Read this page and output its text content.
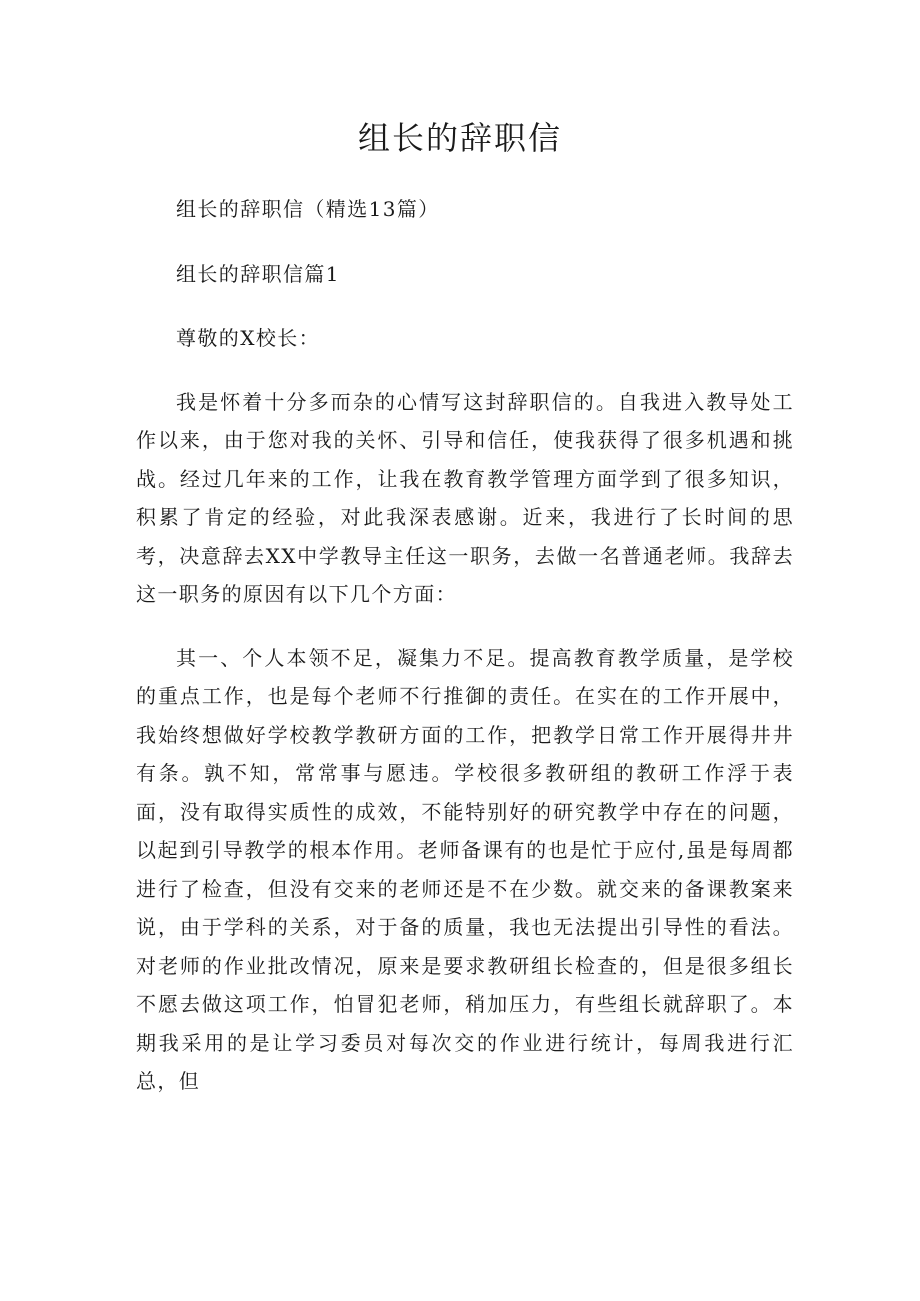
组长的辞职信

组长的辞职信（精选13篇）

组长的辞职信篇1

尊敬的X校长：

我是怀着十分多而杂的心情写这封辞职信的。自我进入教导处工作以来，由于您对我的关怀、引导和信任，使我获得了很多机遇和挑战。经过几年来的工作，让我在教育教学管理方面学到了很多知识，积累了肯定的经验，对此我深表感谢。近来，我进行了长时间的思考，决意辞去XX中学教导主任这一职务，去做一名普通老师。我辞去这一职务的原因有以下几个方面：

其一、个人本领不足，凝集力不足。提高教育教学质量，是学校的重点工作，也是每个老师不行推御的责任。在实在的工作开展中，我始终想做好学校教学教研方面的工作，把教学日常工作开展得井井有条。孰不知，常常事与愿违。学校很多教研组的教研工作浮于表面，没有取得实质性的成效，不能特别好的研究教学中存在的问题，以起到引导教学的根本作用。老师备课有的也是忙于应付,虽是每周都进行了检查，但没有交来的老师还是不在少数。就交来的备课教案来说，由于学科的关系，对于备的质量，我也无法提出引导性的看法。对老师的作业批改情况，原来是要求教研组长检查的，但是很多组长不愿去做这项工作，怕冒犯老师，稍加压力，有些组长就辞职了。本期我采用的是让学习委员对每次交的作业进行统计，每周我进行汇总，但
